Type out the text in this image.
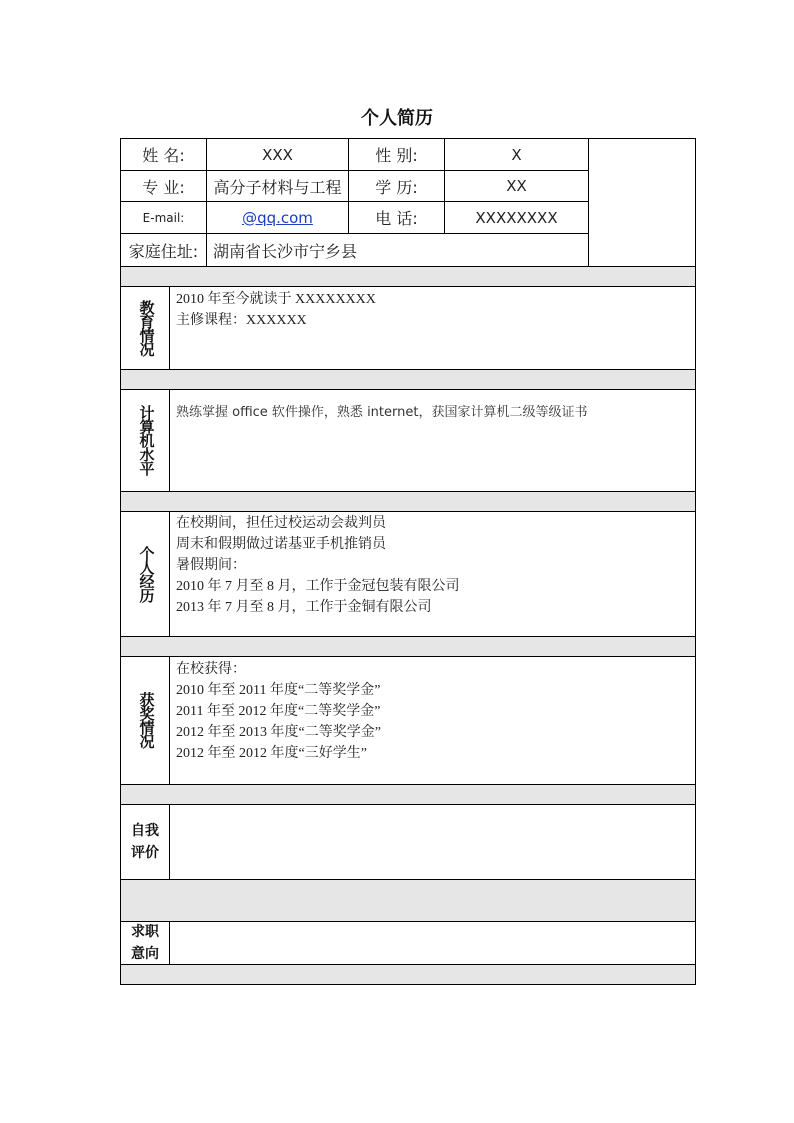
个人简历
姓 名:	XXX	性 别:	X
专 业:	高分子材料与工程	学 历:	XX
E-mail:	@qq.com	电 话:	XXXXXXXX
家庭住址: 湖南省长沙市宁乡县
教育情况 2010 年至今就读于 XXXXXXXX
主修课程：XXXXXX
计算机水平 熟练掌握 office 软件操作，熟悉 internet，获国家计算机二级等级证书
个人经历
在校期间，担任过校运动会裁判员
周末和假期做过诺基亚手机推销员
暑假期间：
2010 年 7 月至 8 月，工作于金冠包装有限公司
2013 年 7 月至 8 月，工作于金铜有限公司
获奖情况
在校获得：
2010 年至 2011 年度“二等奖学金”
2011 年至 2012 年度“二等奖学金”
2012 年至 2013 年度“二等奖学金”
2012 年至 2012 年度“三好学生”
自我
评价
求职
意向
